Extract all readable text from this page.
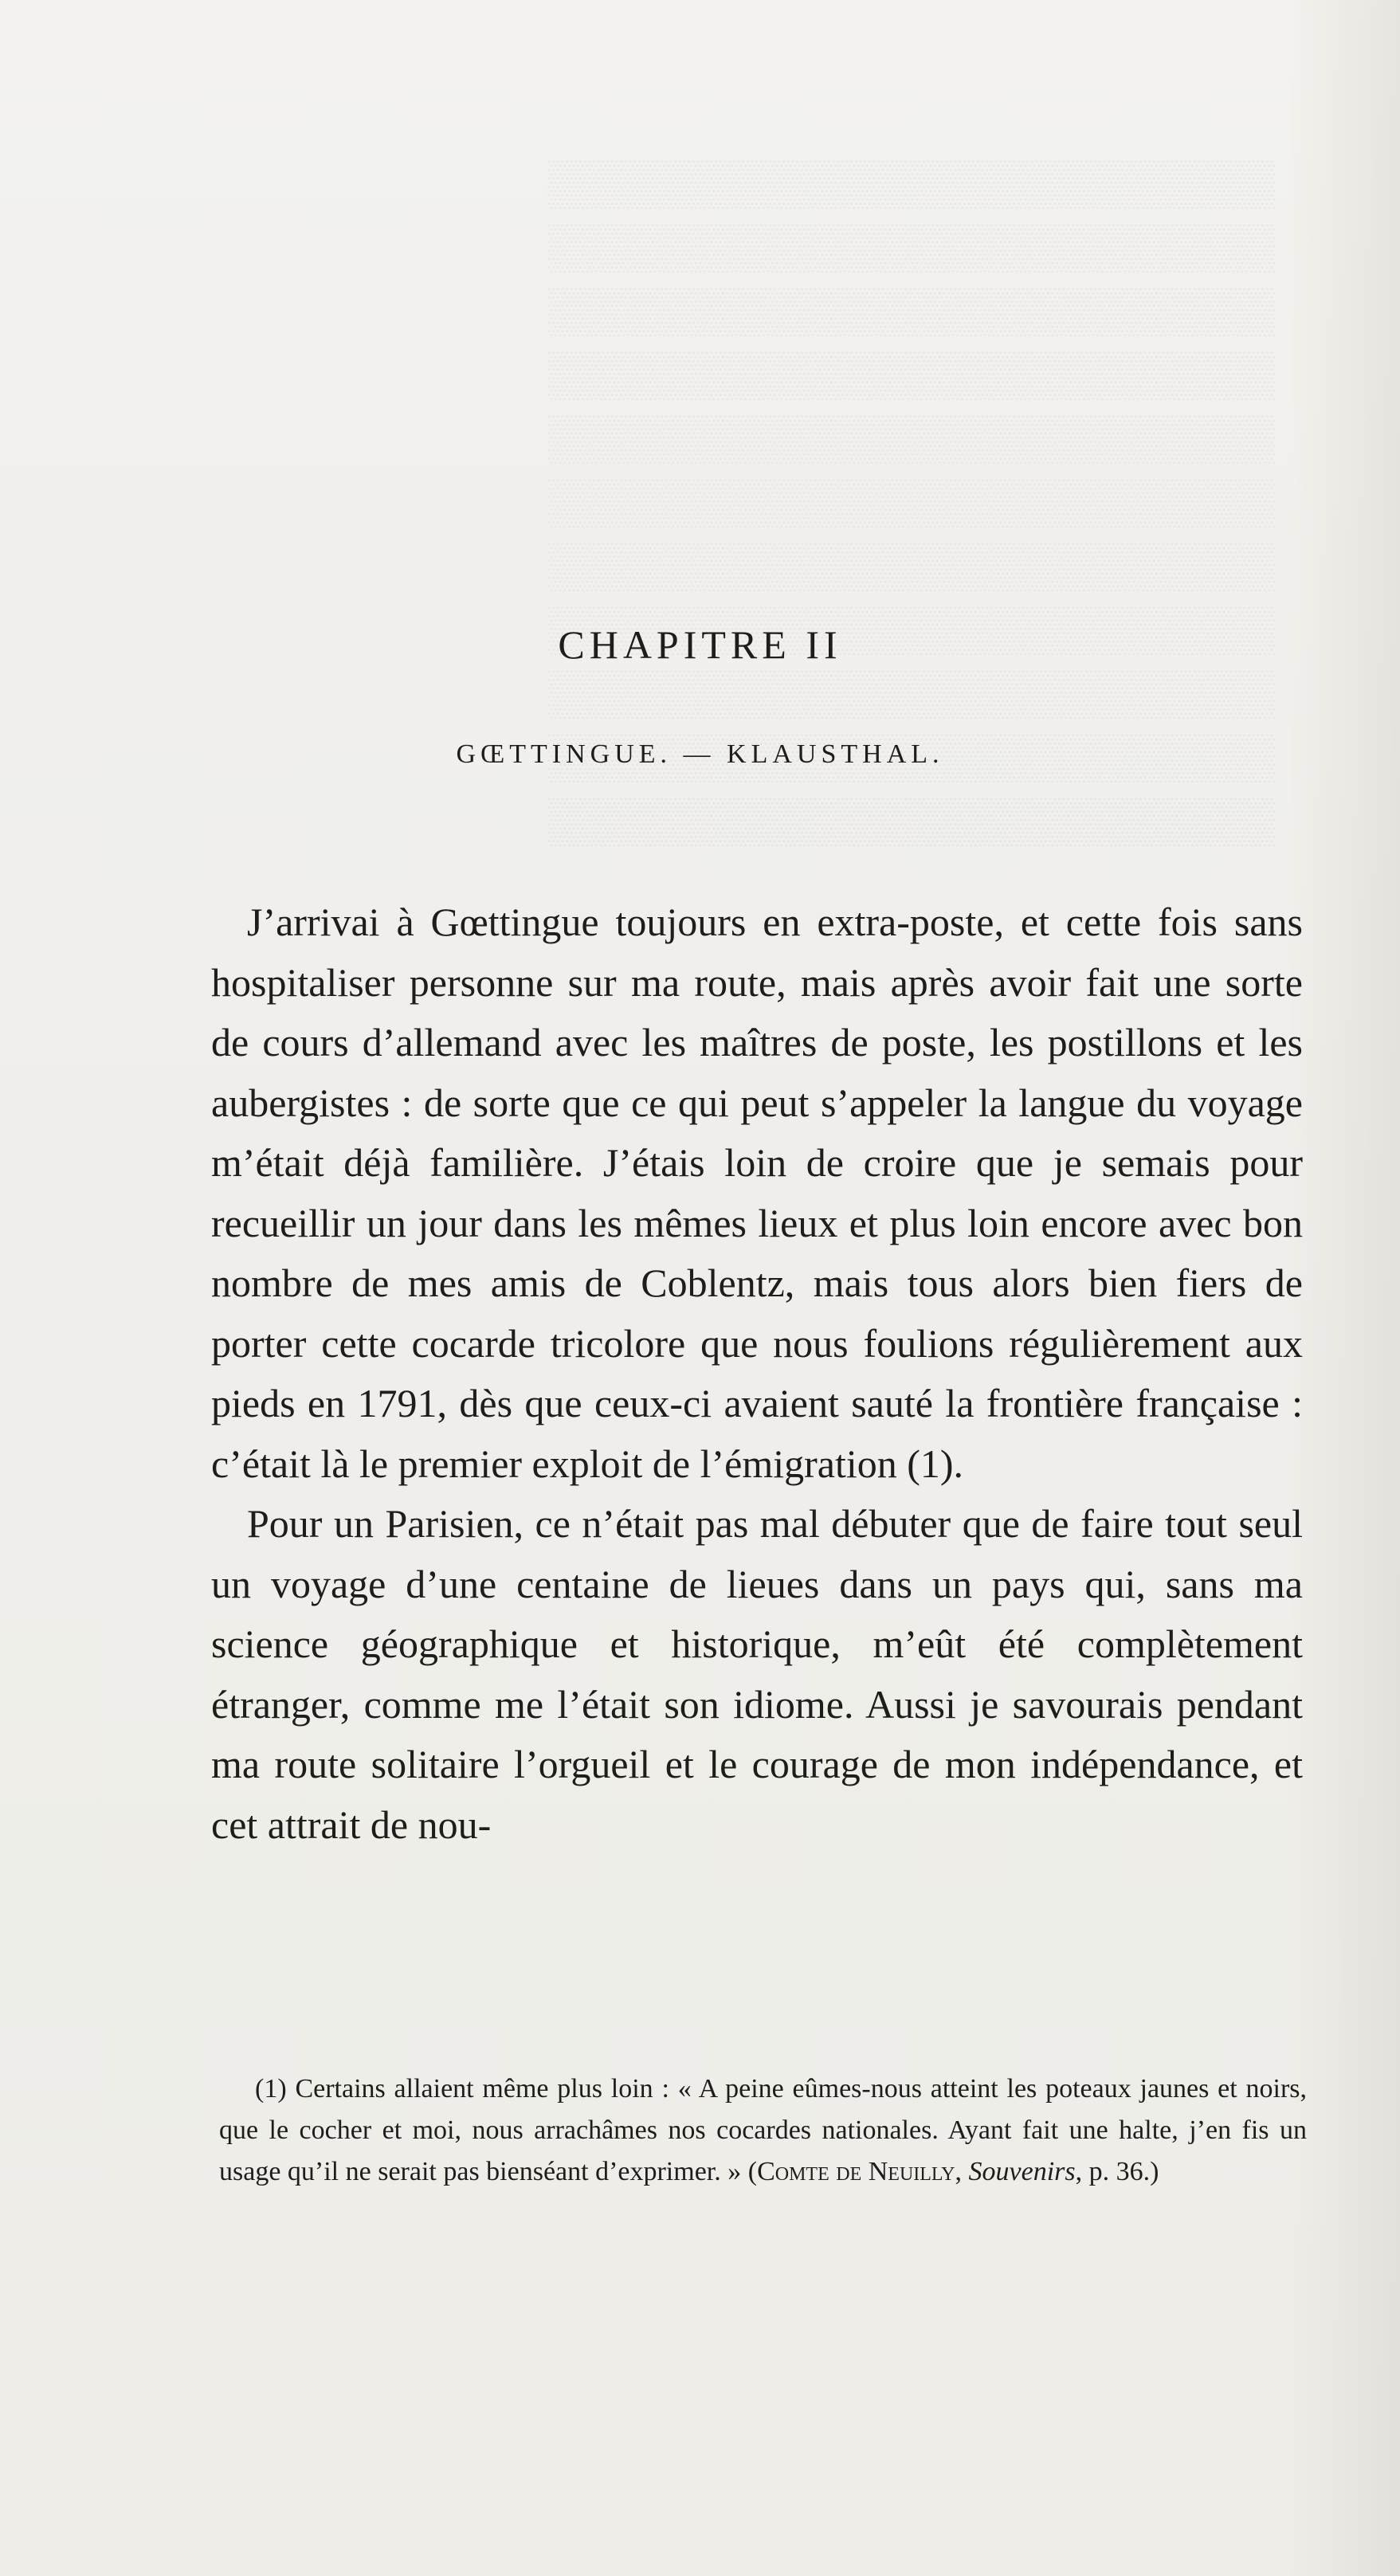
CHAPITRE II
GŒTTINGUE. — KLAUSTHAL.

J’arrivai à Gœttingue toujours en extra-poste, et cette fois sans hospitaliser personne sur ma route, mais après avoir fait une sorte de cours d’allemand avec les maîtres de poste, les postillons et les aubergistes : de sorte que ce qui peut s’appeler la langue du voyage m’était déjà familière. J’étais loin de croire que je semais pour recueillir un jour dans les mêmes lieux et plus loin encore avec bon nombre de mes amis de Coblentz, mais tous alors bien fiers de porter cette cocarde tricolore que nous foulions régulièrement aux pieds en 1791, dès que ceux-ci avaient sauté la frontière française : c’était là le premier exploit de l’émigration (1).

Pour un Parisien, ce n’était pas mal débuter que de faire tout seul un voyage d’une centaine de lieues dans un pays qui, sans ma science géographique et historique, m’eût été complètement étranger, comme me l’était son idiome. Aussi je savourais pendant ma route solitaire l’orgueil et le courage de mon indépendance, et cet attrait de nou-

(1) Certains allaient même plus loin : « A peine eûmes-nous atteint les poteaux jaunes et noirs, que le cocher et moi, nous arrachâmes nos cocardes nationales. Ayant fait une halte, j’en fis un usage qu’il ne serait pas bienséant d’exprimer. » (Comte de Neuilly, Souvenirs, p. 36.)
